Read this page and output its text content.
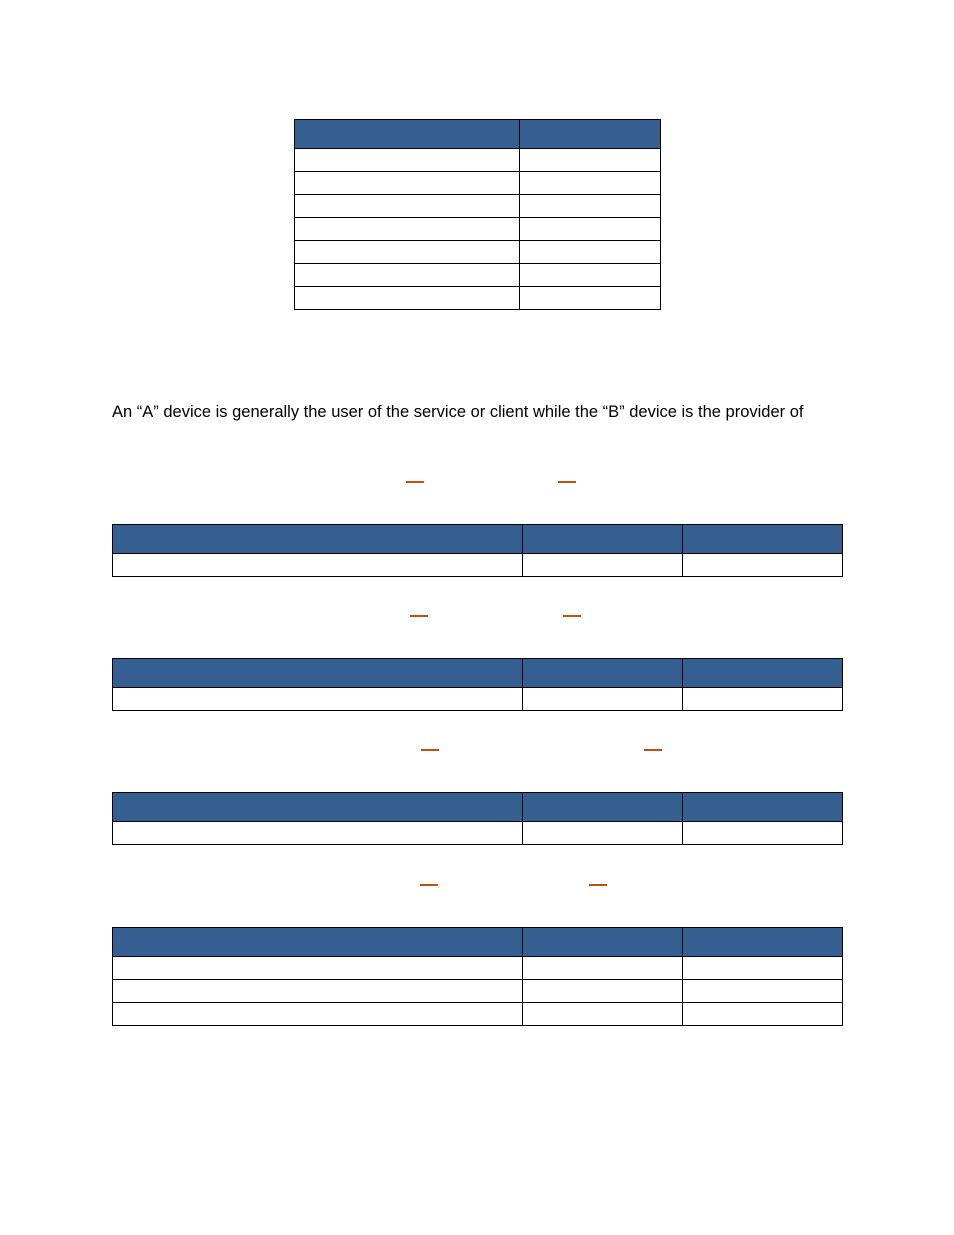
An “A” device is generally the user of the service or client while the “B” device is the provider of
